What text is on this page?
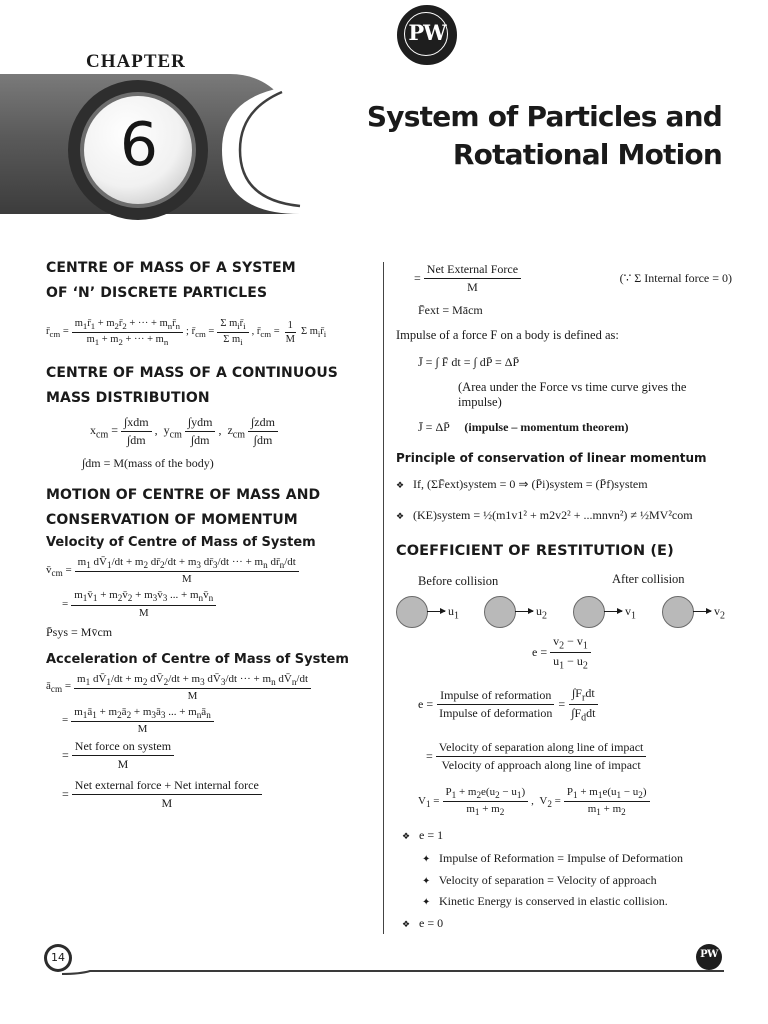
PW
CHAPTER
6	System of Particles and
Rotational Motion
CENTRE OF MASS OF A SYSTEM
OF ‘N’ DISCRETE PARTICLES
$r̄_{cm} = \frac{m_1r̄_1 + m_2r̄_2 + \cdot\cdot\cdot + m_nr̄_n}{m_1 + m_2 + \cdot\cdot\cdot + m_n}$ ; $r̄_{cm} = \frac{\Sigma m_ir̄_i}{\Sigma m_i}$ , $r̄_{cm} = \frac{1}{M}$ Σ $m_ir̄_i$
CENTRE OF MASS OF A CONTINUOUS
MASS DISTRIBUTION
$x_{cm} = \frac{\text{∫xdm}}{\int dm}$ ,  $y_{cm} \frac{\text{∫ydm}}{\int dm}$ ,  $z_{cm} \frac{\text{∫zdm}}{\int dm}$
∫dm = M(mass of the body)
MOTION OF CENTRE OF MASS AND
CONSERVATION OF MOMENTUM
Velocity of Centre of Mass of System
$v̄_{cm} = \frac{m_1 dV̄_1/dt + m_2 dr̄_2/dt + m_3 dr̄_3/dt \cdot\cdot\cdot + m_n dr̄_n/dt}{M}$
= $\frac{m_1v̄_1 + m_2v̄_2 + m_3v̄_3 ... + m_nv̄_n}{M}$
P̄sys = Mv̄cm
Acceleration of Centre of Mass of System
$ā_{cm} = \frac{m_1 dV̄_1/dt + m_2 dV̄_2/dt + m_3 dV̄_3/dt \cdot\cdot\cdot + m_n dV̄_n/dt}{M}$
= $\frac{m_1ā_1 + m_2ā_2 + m_3ā_3 ... + m_nā_n}{M}$
= $\frac{\text{Net force on system}}{M}$
= $\frac{\text{Net external force + Net internal force}}{M}$
= $\frac{\text{Net External Force}}{M}$	(∵ Σ Internal force = 0)
F̄ext = Mācm
Impulse of a force F on a body is defined as:
J̄ = ∫ F̄ dt = ∫ dP̄ = ΔP̄
(Area under the Force vs time curve gives the impulse)
J̄ = ΔP̄ (impulse – momentum theorem)
Principle of conservation of linear momentum
❖ If, (ΣF̄ext)system = 0 ⇒ (P̄i)system = (P̄f)system
❖ (KE)system = ½(m1v1² + m2v2² + ...mnvn²) ≠ ½MV²com
COEFFICIENT OF RESTITUTION (E)
Before collision	After collision
$u_1$	$u_2$	$v_1$	$v_2$
$e = \frac{v_2 - v_1}{u_1 - u_2}$
$e = \frac{\text{Impulse of reformation}}{\text{Impulse of deformation}} = \frac{\int F_rdt}{\int F_ddt}$
= $\frac{\text{Velocity of separation along line of impact}}{\text{Velocity of approach along line of impact}}$
$V_1 = \frac{P_1 + m_2e(u_2 - u_1)}{m_1 + m_2}$ ,  $V_2 = \frac{P_1 + m_1e(u_1 - u_2)}{m_1 + m_2}$
❖ e = 1
✦ Impulse of Reformation = Impulse of Deformation
✦ Velocity of separation = Velocity of approach
✦ Kinetic Energy is conserved in elastic collision.
❖ e = 0
14	PW
